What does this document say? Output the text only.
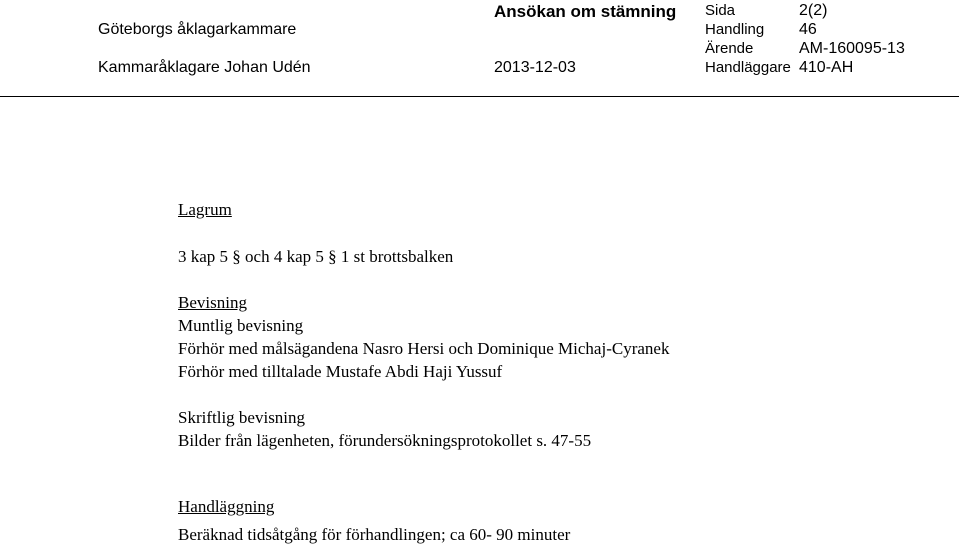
Göteborgs åklagarkammare
Kammaråklagare Johan Udén
Ansökan om stämning
2013-12-03
Sida
Handling
Ärende
Handläggare
2(2)
46
AM-160095-13
410-AH
Lagrum
3 kap 5 § och 4 kap 5 § 1 st brottsbalken
Bevisning
Muntlig bevisning
Förhör med målsägandena Nasro Hersi och Dominique Michaj-Cyranek
Förhör med tilltalade Mustafe Abdi Haji Yussuf
Skriftlig bevisning
Bilder från lägenheten, förundersökningsprotokollet s. 47-55
Handläggning
Beräknad tidsåtgång för förhandlingen; ca 60- 90 minuter
